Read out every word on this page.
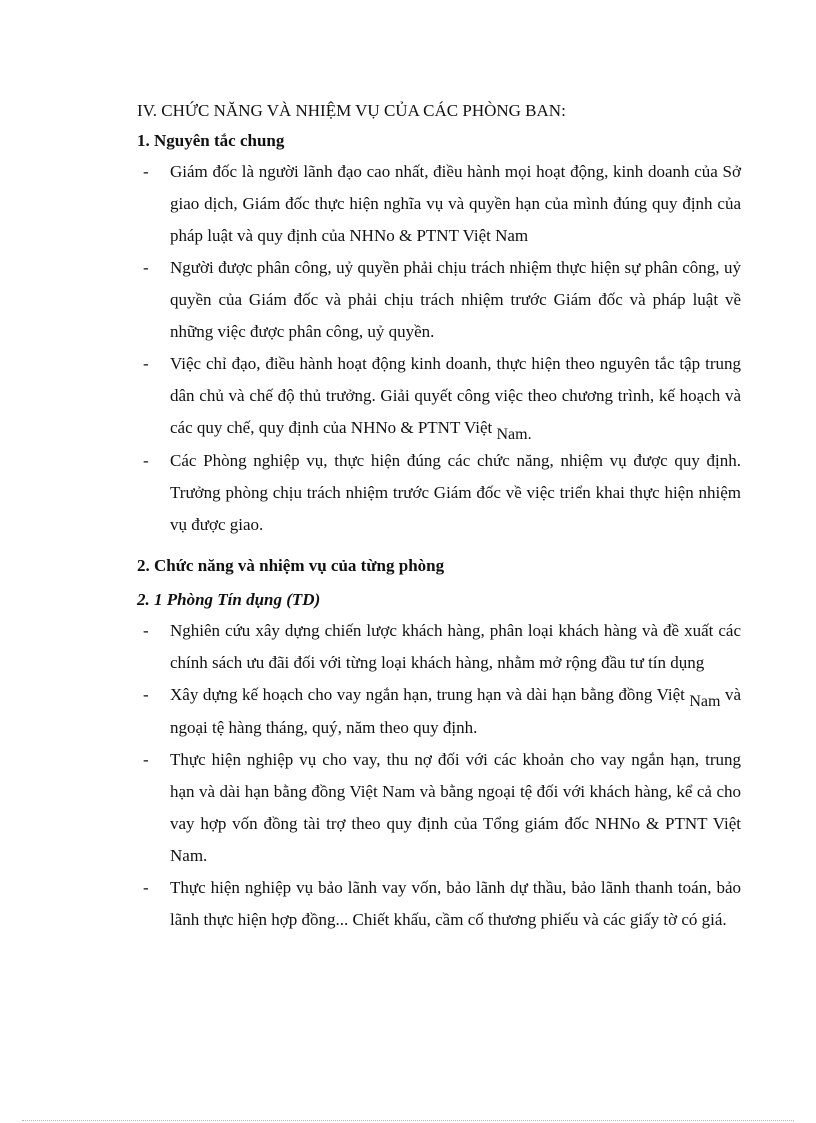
IV. CHỨC NĂNG VÀ NHIỆM VỤ CỦA CÁC PHÒNG BAN:
1. Nguyên tắc chung
- Giám đốc là người lãnh đạo cao nhất, điều hành mọi hoạt động, kinh doanh của Sở giao dịch, Giám đốc thực hiện nghĩa vụ và quyền hạn của mình đúng quy định của pháp luật và quy định của NHNo & PTNT Việt Nam
- Người được phân công, uỷ quyền phải chịu trách nhiệm thực hiện sự phân công, uỷ quyền của Giám đốc và phải chịu trách nhiệm trước Giám đốc và pháp luật về những việc được phân công, uỷ quyền.
- Việc chỉ đạo, điều hành hoạt động kinh doanh, thực hiện theo nguyên tắc tập trung dân chủ và chế độ thủ trưởng. Giải quyết công việc theo chương trình, kế hoạch và các quy chế, quy định của NHNo & PTNT Việt Nam.
- Các Phòng nghiệp vụ, thực hiện đúng các chức năng, nhiệm vụ được quy định. Trưởng phòng chịu trách nhiệm trước Giám đốc về việc triển khai thực hiện nhiệm vụ được giao.
2. Chức năng và nhiệm vụ của từng phòng
2. 1 Phòng Tín dụng (TD)
- Nghiên cứu xây dựng chiến lược khách hàng, phân loại khách hàng và đề xuất các chính sách ưu đãi đối với từng loại khách hàng, nhằm mở rộng đầu tư tín dụng
- Xây dựng kế hoạch cho vay ngắn hạn, trung hạn và dài hạn bằng đồng Việt Nam và ngoại tệ hàng tháng, quý, năm theo quy định.
- Thực hiện nghiệp vụ cho vay, thu nợ đối với các khoản cho vay ngắn hạn, trung hạn và dài hạn bằng đồng Việt Nam và bằng ngoại tệ đối với khách hàng, kể cả cho vay hợp vốn đồng tài trợ theo quy định của Tổng giám đốc NHNo & PTNT Việt Nam.
- Thực hiện nghiệp vụ bảo lãnh vay vốn, bảo lãnh dự thầu, bảo lãnh thanh toán, bảo lãnh thực hiện hợp đồng... Chiết khấu, cầm cố thương phiếu và các giấy tờ có giá.
